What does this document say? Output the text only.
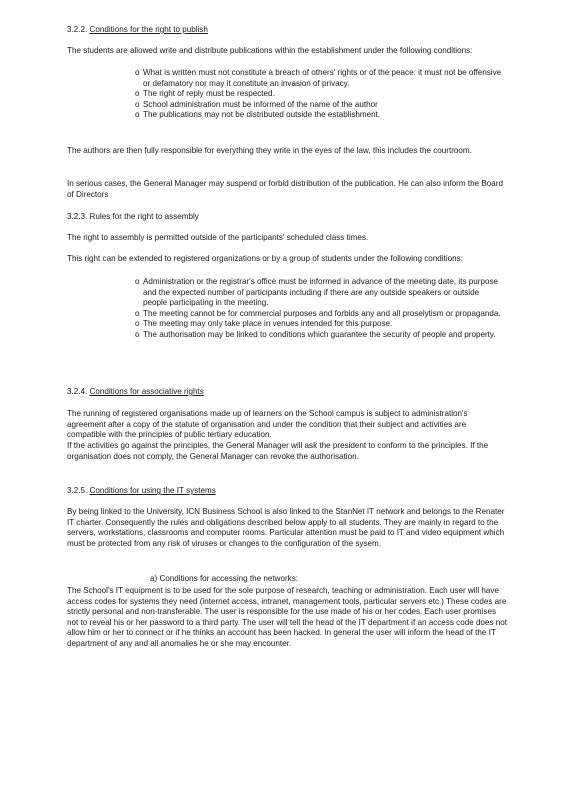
3.2.2. Conditions for the right to publish
The students are allowed write and distribute publications within the establishment under the following conditions:
o What is written must not constitute a breach of others' rights or of the peace: it must not be offensive or defamatory nor may it constitute an invasion of privacy.
o The right of reply must be respected.
o School administration must be informed of the name of the author
o The publications may not be distributed outside the establishment.
The authors are then fully responsible for everything they write in the eyes of the law, this includes the courtroom.
In serious cases, the General Manager may suspend or forbid distribution of the publication. He can also inform the Board of Directors
3.2.3. Rules for the right to assembly
The right to assembly is permitted outside of the participants' scheduled class times.
This right can be extended to registered organizations or by a group of students under the following conditions:
o Administration or the registrar's office must be informed in advance of the meeting date, its purpose and the expected number of participants including if there are any outside speakers or outside people participating in the meeting.
o The meeting cannot be for commercial purposes and forbids any and all proselytism or propaganda.
o The meeting may only take place in venues intended for this purpose.
o The authorisation may be linked to conditions which guarantee the security of people and property.
3.2.4. Conditions for associative rights
The running of registered organisations made up of learners on the School campus is subject to administration's agreement after a copy of the statute of organisation and under the condition that their subject and activities are compatible with the principles of public tertiary education.
If the activities go against the principles, the General Manager will ask the president to conform to the principles. If the organisation does not comply, the General Manager can revoke the authorisation.
3.2.5. Conditions for using the IT systems
By being linked to the University, ICN Business School is also linked to the StanNet IT network and belongs to the Renater IT charter. Consequently the rules and obligations described below apply to all students. They are mainly in regard to the servers, workstations, classrooms and computer rooms. Particular attention must be paid to IT and video equipment which must be protected from any risk of viruses or changes to the configuration of the sysem.
a) Conditions for accessing the networks:
The School's IT equipment is to be used for the sole purpose of research, teaching or administration. Each user will have access codes for systems they need (internet access, intranet, management tools, particular servers etc.) These codes are strictly personal and non-transferable. The user is responsible for the use made of his or her codes. Each user promises not to reveal his or her password to a third party. The user will tell the head of the IT department if an access code does not allow him or her to connect or if he thinks an account has been hacked. In general the user will inform the head of the IT department of any and all anomalies he or she may encounter.
